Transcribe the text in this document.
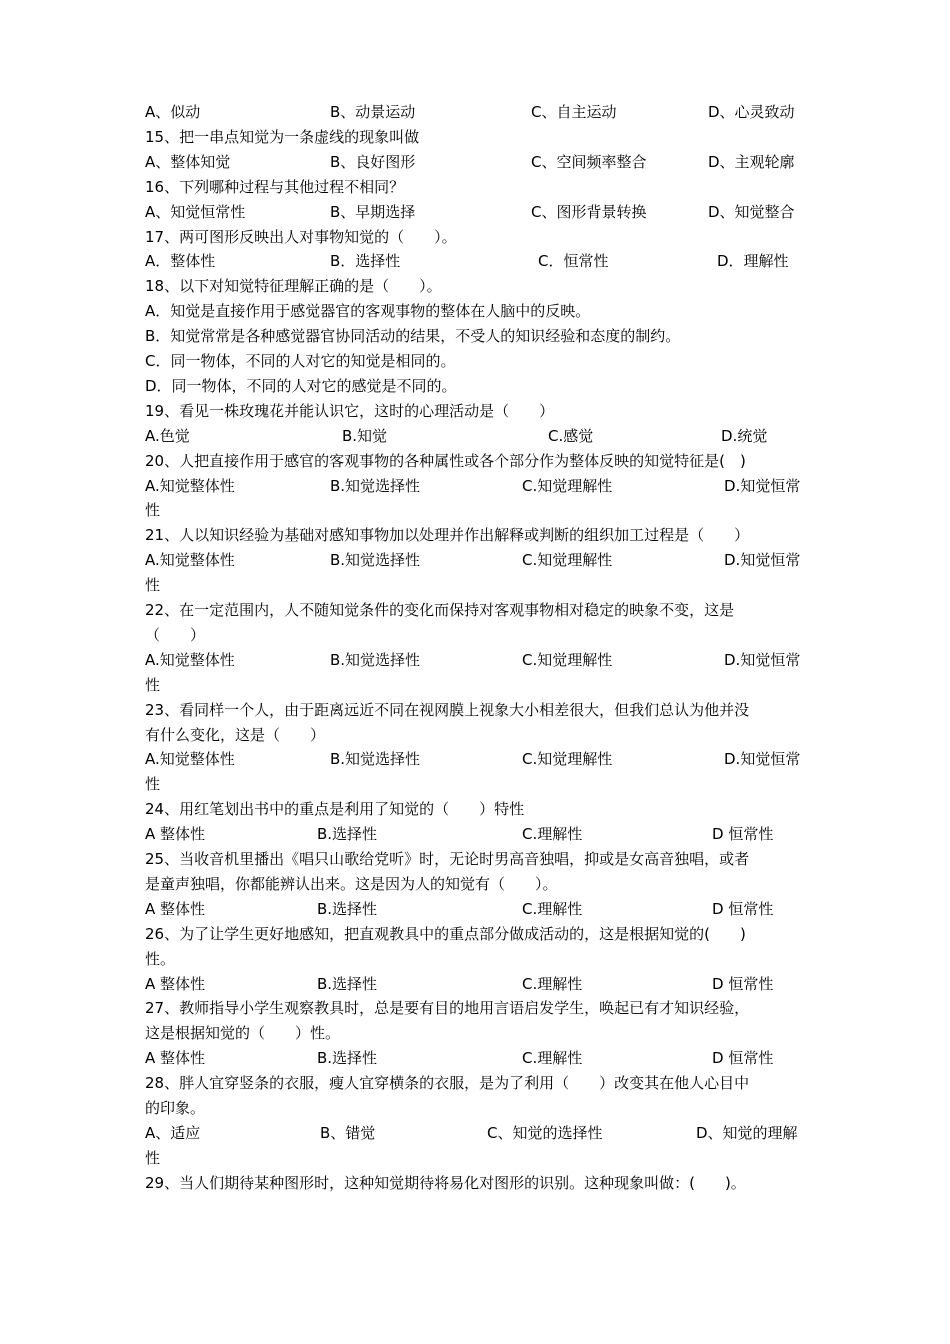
A、似动	B、动景运动	C、自主运动	D、心灵致动
15、把一串点知觉为一条虚线的现象叫做
A、整体知觉	B、良好图形	C、空间频率整合	D、主观轮廓
16、下列哪种过程与其他过程不相同？
A、知觉恒常性	B、早期选择	C、图形背景转换	D、知觉整合
17、两可图形反映出人对事物知觉的（　　）。
A．整体性	B．选择性	C．恒常性	D．理解性
18、以下对知觉特征理解正确的是（　　）。
A．知觉是直接作用于感觉器官的客观事物的整体在人脑中的反映。
B．知觉常常是各种感觉器官协同活动的结果，不受人的知识经验和态度的制约。
C．同一物体，不同的人对它的知觉是相同的。
D．同一物体，不同的人对它的感觉是不同的。
19、看见一株玫瑰花并能认识它，这时的心理活动是（　　）
A.色觉	B.知觉	C.感觉	D.统觉
20、人把直接作用于感官的客观事物的各种属性或各个部分作为整体反映的知觉特征是(　)
A.知觉整体性	B.知觉选择性	C.知觉理解性	D.知觉恒常
性
21、人以知识经验为基础对感知事物加以处理并作出解释或判断的组织加工过程是（　　）
A.知觉整体性	B.知觉选择性	C.知觉理解性	D.知觉恒常
性
22、在一定范围内，人不随知觉条件的变化而保持对客观事物相对稳定的映象不变，这是
（　　）
A.知觉整体性	B.知觉选择性	C.知觉理解性	D.知觉恒常
性
23、看同样一个人，由于距离远近不同在视网膜上视象大小相差很大，但我们总认为他并没
有什么变化，这是（　　）
A.知觉整体性	B.知觉选择性	C.知觉理解性	D.知觉恒常
性
24、用红笔划出书中的重点是利用了知觉的（　　）特性
A 整体性	B.选择性	C.理解性	D 恒常性
25、当收音机里播出《唱只山歌给党听》时，无论时男高音独唱，抑或是女高音独唱，或者
是童声独唱，你都能辨认出来。这是因为人的知觉有（　　）。
A 整体性	B.选择性	C.理解性	D 恒常性
26、为了让学生更好地感知，把直观教具中的重点部分做成活动的，这是根据知觉的(　　)
性。
A 整体性	B.选择性	C.理解性	D 恒常性
27、教师指导小学生观察教具时，总是要有目的地用言语启发学生，唤起已有才知识经验，
这是根据知觉的（　　）性。
A 整体性	B.选择性	C.理解性	D 恒常性
28、胖人宜穿竖条的衣服，瘦人宜穿横条的衣服，是为了利用（　　）改变其在他人心目中
的印象。
A、适应	B、错觉	C、知觉的选择性	D、知觉的理解
性
29、当人们期待某种图形时，这种知觉期待将易化对图形的识别。这种现象叫做：(　　)。
